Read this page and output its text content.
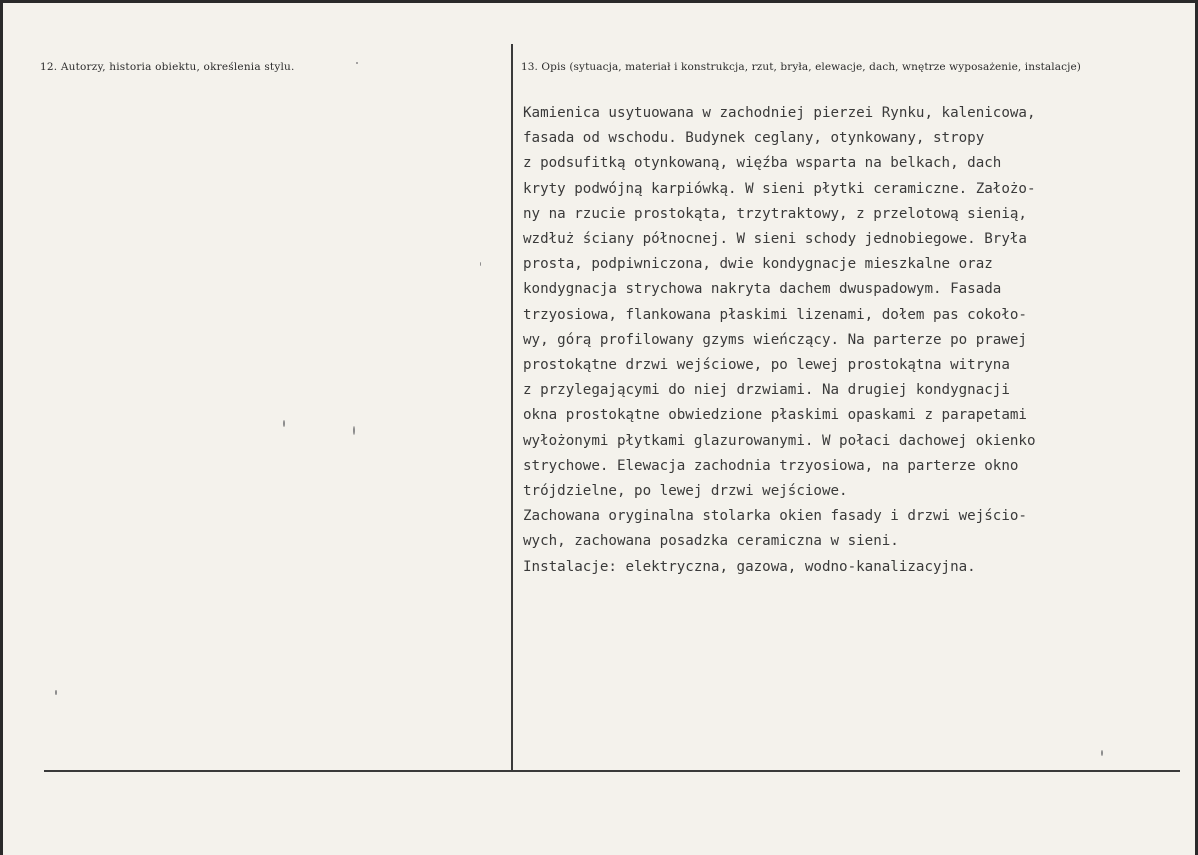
12. Autorzy, historia obiektu, określenia stylu.	13. Opis (sytuacja, materiał i konstrukcja, rzut, bryła, elewacje, dach, wnętrze wyposażenie, instalacje)
Kamienica usytuowana w zachodniej pierzei Rynku, kalenicowa,
fasada od wschodu. Budynek ceglany, otynkowany, stropy
z podsufitką otynkowaną, więźba wsparta na belkach, dach
kryty podwójną karpiówką. W sieni płytki ceramiczne. Założo-
ny na rzucie prostokąta, trzytraktowy, z przelotową sienią,
wzdłuż ściany północnej. W sieni schody jednobiegowe. Bryła
prosta, podpiwniczona, dwie kondygnacje mieszkalne oraz
kondygnacja strychowa nakryta dachem dwuspadowym. Fasada
trzyosiowa, flankowana płaskimi lizenami, dołem pas cokoło-
wy, górą profilowany gzyms wieńczący. Na parterze po prawej
prostokątne drzwi wejściowe, po lewej prostokątna witryna
z przylegającymi do niej drzwiami. Na drugiej kondygnacji
okna prostokątne obwiedzione płaskimi opaskami z parapetami
wyłożonymi płytkami glazurowanymi. W połaci dachowej okienko
strychowe. Elewacja zachodnia trzyosiowa, na parterze okno
trójdzielne, po lewej drzwi wejściowe.
Zachowana oryginalna stolarka okien fasady i drzwi wejścio-
wych, zachowana posadzka ceramiczna w sieni.
Instalacje: elektryczna, gazowa, wodno-kanalizacyjna.
